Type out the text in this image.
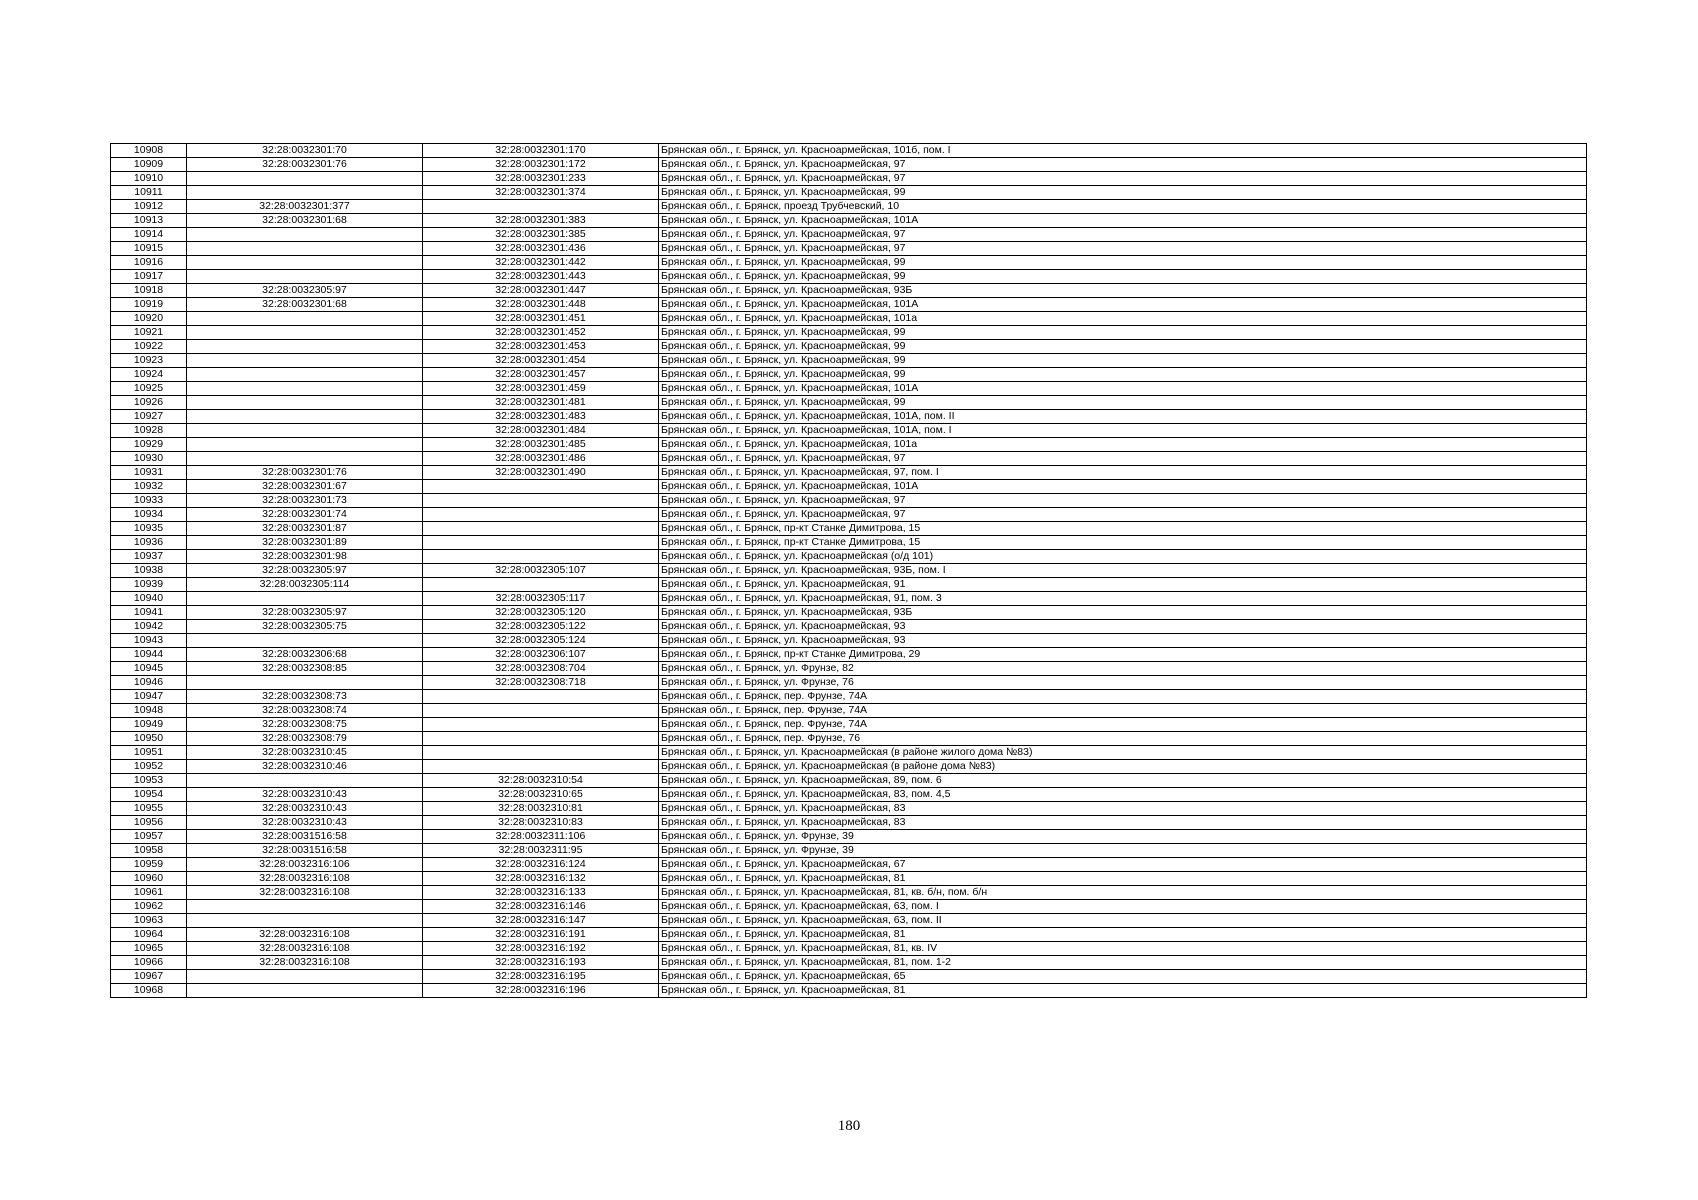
10908	32:28:0032301:70	32:28:0032301:170	Брянская обл., г. Брянск, ул. Красноармейская, 101б, пом. I
10909	32:28:0032301:76	32:28:0032301:172	Брянская обл., г. Брянск, ул. Красноармейская, 97
10910		32:28:0032301:233	Брянская обл., г. Брянск, ул. Красноармейская, 97
10911		32:28:0032301:374	Брянская обл., г. Брянск, ул. Красноармейская, 99
10912	32:28:0032301:377		Брянская обл., г. Брянск, проезд Трубчевский, 10
10913	32:28:0032301:68	32:28:0032301:383	Брянская обл., г. Брянск, ул. Красноармейская, 101А
10914		32:28:0032301:385	Брянская обл., г. Брянск, ул. Красноармейская, 97
10915		32:28:0032301:436	Брянская обл., г. Брянск, ул. Красноармейская, 97
10916		32:28:0032301:442	Брянская обл., г. Брянск, ул. Красноармейская, 99
10917		32:28:0032301:443	Брянская обл., г. Брянск, ул. Красноармейская, 99
10918	32:28:0032305:97	32:28:0032301:447	Брянская обл., г. Брянск, ул. Красноармейская, 93Б
10919	32:28:0032301:68	32:28:0032301:448	Брянская обл., г. Брянск, ул. Красноармейская, 101А
10920		32:28:0032301:451	Брянская обл., г. Брянск, ул. Красноармейская, 101а
10921		32:28:0032301:452	Брянская обл., г. Брянск, ул. Красноармейская, 99
10922		32:28:0032301:453	Брянская обл., г. Брянск, ул. Красноармейская, 99
10923		32:28:0032301:454	Брянская обл., г. Брянск, ул. Красноармейская, 99
10924		32:28:0032301:457	Брянская обл., г. Брянск, ул. Красноармейская, 99
10925		32:28:0032301:459	Брянская обл., г. Брянск, ул. Красноармейская, 101А
10926		32:28:0032301:481	Брянская обл., г. Брянск, ул. Красноармейская, 99
10927		32:28:0032301:483	Брянская обл., г. Брянск, ул. Красноармейская, 101А, пом. II
10928		32:28:0032301:484	Брянская обл., г. Брянск, ул. Красноармейская, 101А, пом. I
10929		32:28:0032301:485	Брянская обл., г. Брянск, ул. Красноармейская, 101а
10930		32:28:0032301:486	Брянская обл., г. Брянск, ул. Красноармейская, 97
10931	32:28:0032301:76	32:28:0032301:490	Брянская обл., г. Брянск, ул. Красноармейская, 97, пом. I
10932	32:28:0032301:67		Брянская обл., г. Брянск, ул. Красноармейская, 101А
10933	32:28:0032301:73		Брянская обл., г. Брянск, ул. Красноармейская, 97
10934	32:28:0032301:74		Брянская обл., г. Брянск, ул. Красноармейская, 97
10935	32:28:0032301:87		Брянская обл., г. Брянск, пр-кт Станке Димитрова, 15
10936	32:28:0032301:89		Брянская обл., г. Брянск, пр-кт Станке Димитрова, 15
10937	32:28:0032301:98		Брянская обл., г. Брянск, ул. Красноармейская (о/д 101)
10938	32:28:0032305:97	32:28:0032305:107	Брянская обл., г. Брянск, ул. Красноармейская, 93Б, пом. I
10939	32:28:0032305:114		Брянская обл., г. Брянск, ул. Красноармейская, 91
10940		32:28:0032305:117	Брянская обл., г. Брянск, ул. Красноармейская, 91, пом. 3
10941	32:28:0032305:97	32:28:0032305:120	Брянская обл., г. Брянск, ул. Красноармейская, 93Б
10942	32:28:0032305:75	32:28:0032305:122	Брянская обл., г. Брянск, ул. Красноармейская, 93
10943		32:28:0032305:124	Брянская обл., г. Брянск, ул. Красноармейская, 93
10944	32:28:0032306:68	32:28:0032306:107	Брянская обл., г. Брянск, пр-кт Станке Димитрова, 29
10945	32:28:0032308:85	32:28:0032308:704	Брянская обл., г. Брянск, ул. Фрунзе, 82
10946		32:28:0032308:718	Брянская обл., г. Брянск, ул. Фрунзе, 76
10947	32:28:0032308:73		Брянская обл., г. Брянск, пер. Фрунзе, 74А
10948	32:28:0032308:74		Брянская обл., г. Брянск, пер. Фрунзе, 74А
10949	32:28:0032308:75		Брянская обл., г. Брянск, пер. Фрунзе, 74А
10950	32:28:0032308:79		Брянская обл., г. Брянск, пер. Фрунзе, 76
10951	32:28:0032310:45		Брянская обл., г. Брянск, ул. Красноармейская (в районе жилого дома №83)
10952	32:28:0032310:46		Брянская обл., г. Брянск, ул. Красноармейская (в районе дома №83)
10953		32:28:0032310:54	Брянская обл., г. Брянск, ул. Красноармейская, 89, пом. 6
10954	32:28:0032310:43	32:28:0032310:65	Брянская обл., г. Брянск, ул. Красноармейская, 83, пом. 4,5
10955	32:28:0032310:43	32:28:0032310:81	Брянская обл., г. Брянск, ул. Красноармейская, 83
10956	32:28:0032310:43	32:28:0032310:83	Брянская обл., г. Брянск, ул. Красноармейская, 83
10957	32:28:0031516:58	32:28:0032311:106	Брянская обл., г. Брянск, ул. Фрунзе, 39
10958	32:28:0031516:58	32:28:0032311:95	Брянская обл., г. Брянск, ул. Фрунзе, 39
10959	32:28:0032316:106	32:28:0032316:124	Брянская обл., г. Брянск, ул. Красноармейская, 67
10960	32:28:0032316:108	32:28:0032316:132	Брянская обл., г. Брянск, ул. Красноармейская, 81
10961	32:28:0032316:108	32:28:0032316:133	Брянская обл., г. Брянск, ул. Красноармейская, 81, кв. б/н, пом. б/н
10962		32:28:0032316:146	Брянская обл., г. Брянск, ул. Красноармейская, 63, пом. I
10963		32:28:0032316:147	Брянская обл., г. Брянск, ул. Красноармейская, 63, пом. II
10964	32:28:0032316:108	32:28:0032316:191	Брянская обл., г. Брянск, ул. Красноармейская, 81
10965	32:28:0032316:108	32:28:0032316:192	Брянская обл., г. Брянск, ул. Красноармейская, 81, кв. IV
10966	32:28:0032316:108	32:28:0032316:193	Брянская обл., г. Брянск, ул. Красноармейская, 81, пом. 1-2
10967		32:28:0032316:195	Брянская обл., г. Брянск, ул. Красноармейская, 65
10968		32:28:0032316:196	Брянская обл., г. Брянск, ул. Красноармейская, 81
180
